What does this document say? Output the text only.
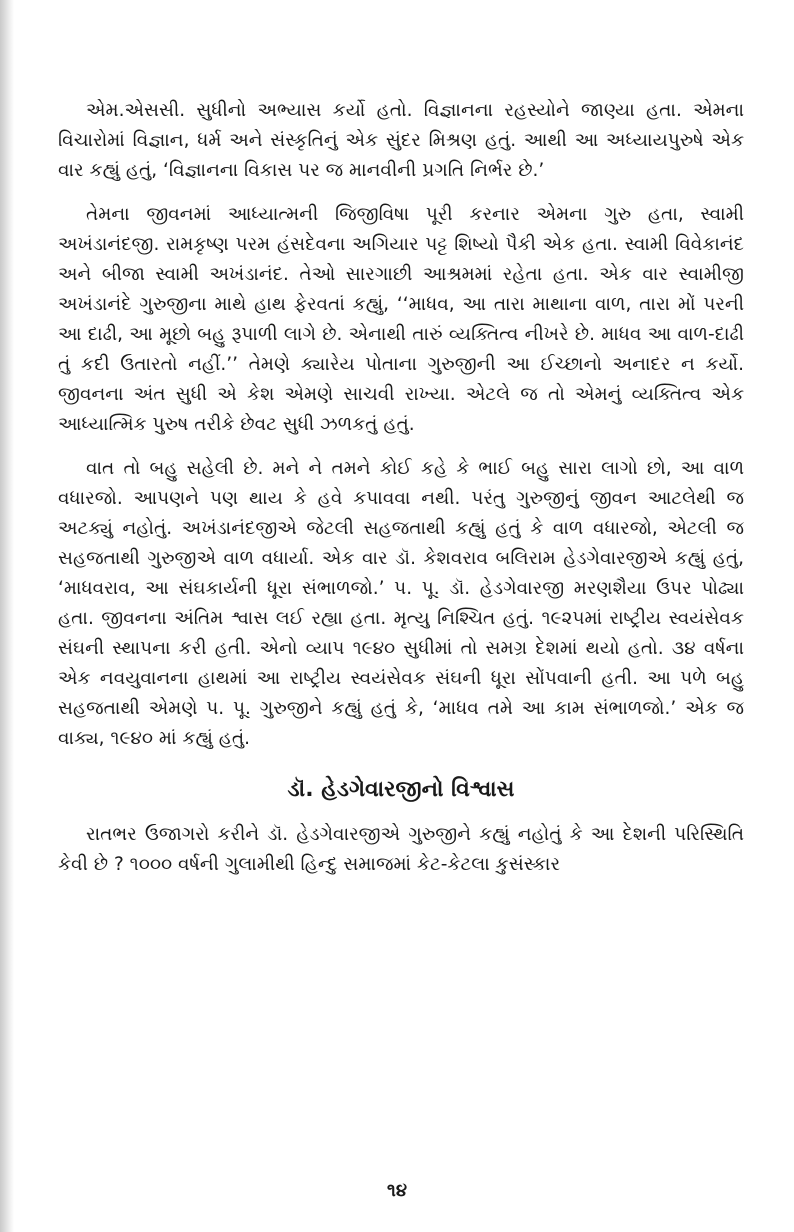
એમ.એસસી. સુધીનો અભ્યાસ કર્યો હતો. વિજ્ઞાનના રહસ્યોને જાણ્યા હતા. એમના વિચારોમાં વિજ્ઞાન, ધર્મ અને સંસ્કૃતિનું એક સુંદર મિશ્રણ હતું. આથી આ અધ્યાયપુરુષે એક વાર કહ્યું હતું, ‘વિજ્ઞાનના વિકાસ પર જ માનવીની પ્રગતિ નિર્ભર છે.’

તેમના જીવનમાં આધ્યાત્મની જિજીવિષા પૂરી કરનાર એમના ગુરુ હતા, સ્વામી અખંડાનંદજી. રામકૃષ્ણ પરમ હંસદેવના અગિયાર પટ્ટ શિષ્યો પૈકી એક હતા. સ્વામી વિવેકાનંદ અને બીજા સ્વામી અખંડાનંદ. તેઓ સારગાછી આશ્રમમાં રહેતા હતા. એક વાર સ્વામીજી અખંડાનંદે ગુરુજીના માથે હાથ ફેરવતાં કહ્યું, ‘‘માધવ, આ તારા માથાના વાળ, તારા મોં પરની આ દાઢી, આ મૂછો બહુ રૂપાળી લાગે છે. એનાથી તારું વ્યક્તિત્વ નીખરે છે. માધવ આ વાળ-દાઢી તું કદી ઉતારતો નહીં.’’ તેમણે ક્યારેય પોતાના ગુરુજીની આ ઈચ્છાનો અનાદર ન કર્યો. જીવનના અંત સુધી એ કેશ એમણે સાચવી રાખ્યા. એટલે જ તો એમનું વ્યક્તિત્વ એક આધ્યાત્મિક પુરુષ તરીકે છેવટ સુધી ઝળકતું હતું.

વાત તો બહુ સહેલી છે. મને ને તમને કોઈ કહે કે ભાઈ બહુ સારા લાગો છો, આ વાળ વધારજો. આપણને પણ થાય કે હવે કપાવવા નથી. પરંતુ ગુરુજીનું જીવન આટલેથી જ અટક્યું નહોતું. અખંડાનંદજીએ જેટલી સહજતાથી કહ્યું હતું કે વાળ વધારજો, એટલી જ સહજતાથી ગુરુજીએ વાળ વધાર્યા. એક વાર ડૉ. કેશવરાવ બલિરામ હેડગેવારજીએ કહ્યું હતું, ‘માધવરાવ, આ સંઘકાર્યની ધૂરા સંભાળજો.’ પ. પૂ. ડૉ. હેડગેવારજી મરણશૈયા ઉપર પોઢ્યા હતા. જીવનના અંતિમ શ્વાસ લઈ રહ્યા હતા. મૃત્યુ નિશ્ચિત હતું. ૧૯૨૫માં રાષ્ટ્રીય સ્વયંસેવક સંઘની સ્થાપના કરી હતી. એનો વ્યાપ ૧૯૪૦ સુધીમાં તો સમગ્ર દેશમાં થયો હતો. ૩૪ વર્ષના એક નવયુવાનના હાથમાં આ રાષ્ટ્રીય સ્વયંસેવક સંઘની ધૂરા સોંપવાની હતી. આ પળે બહુ સહજતાથી એમણે પ. પૂ. ગુરુજીને કહ્યું હતું કે, ‘માધવ તમે આ કામ સંભાળજો.’ એક જ વાક્ય, ૧૯૪૦ માં કહ્યું હતું.

ડૉ. હેડગેવારજીનો વિશ્વાસ

રાતભર ઉજાગરો કરીને ડૉ. હેડગેવારજીએ ગુરુજીને કહ્યું નહોતું કે આ દેશની પરિસ્થિતિ કેવી છે ? ૧૦૦૦ વર્ષની ગુલામીથી હિન્દુ સમાજમાં કેટ-કેટલા કુસંસ્કાર

૧૪
